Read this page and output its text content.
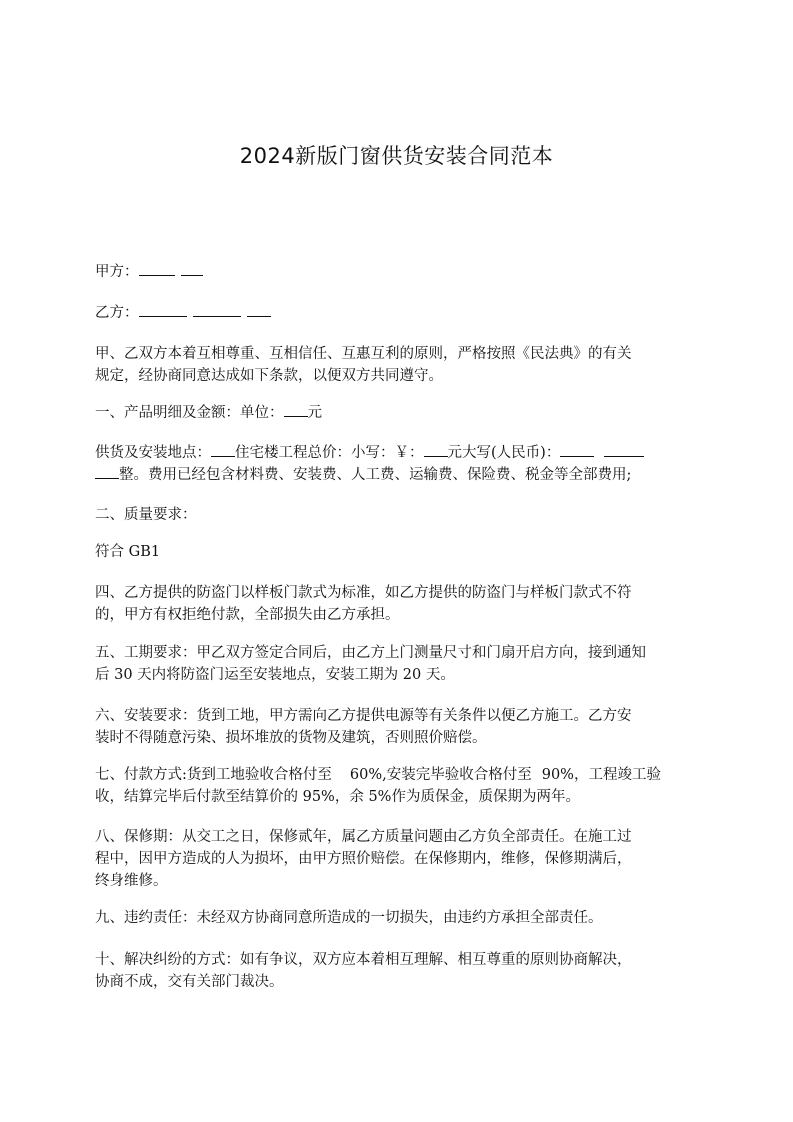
2024新版门窗供货安装合同范本
甲方：
乙方：
甲、乙双方本着互相尊重、互相信任、互惠互利的原则，严格按照《民法典》的有关
规定，经协商同意达成如下条款，以便双方共同遵守。
一、产品明细及金额：单位： 元
供货及安装地点： 住宅楼工程总价：小写：￥： 元大写(人民币)：
整。费用已经包含材料费、安装费、人工费、运输费、保险费、税金等全部费用;
二、质量要求：
符合 GB1
四、乙方提供的防盗门以样板门款式为标准，如乙方提供的防盗门与样板门款式不符
的，甲方有权拒绝付款，全部损失由乙方承担。
五、工期要求：甲乙双方签定合同后，由乙方上门测量尺寸和门扇开启方向，接到通知
后 30 天内将防盗门运至安装地点，安装工期为 20 天。
六、安装要求：货到工地，甲方需向乙方提供电源等有关条件以便乙方施工。乙方安
装时不得随意污染、损坏堆放的货物及建筑，否则照价赔偿。
七、付款方式:货到工地验收合格付至 60%,安装完毕验收合格付至 90%，工程竣工验
收，结算完毕后付款至结算价的 95%，余 5%作为质保金，质保期为两年。
八、保修期：从交工之日，保修贰年，属乙方质量问题由乙方负全部责任。在施工过
程中，因甲方造成的人为损坏，由甲方照价赔偿。在保修期内，维修，保修期满后，
终身维修。
九、违约责任：未经双方协商同意所造成的一切损失，由违约方承担全部责任。
十、解决纠纷的方式：如有争议，双方应本着相互理解、相互尊重的原则协商解决，
协商不成，交有关部门裁决。
